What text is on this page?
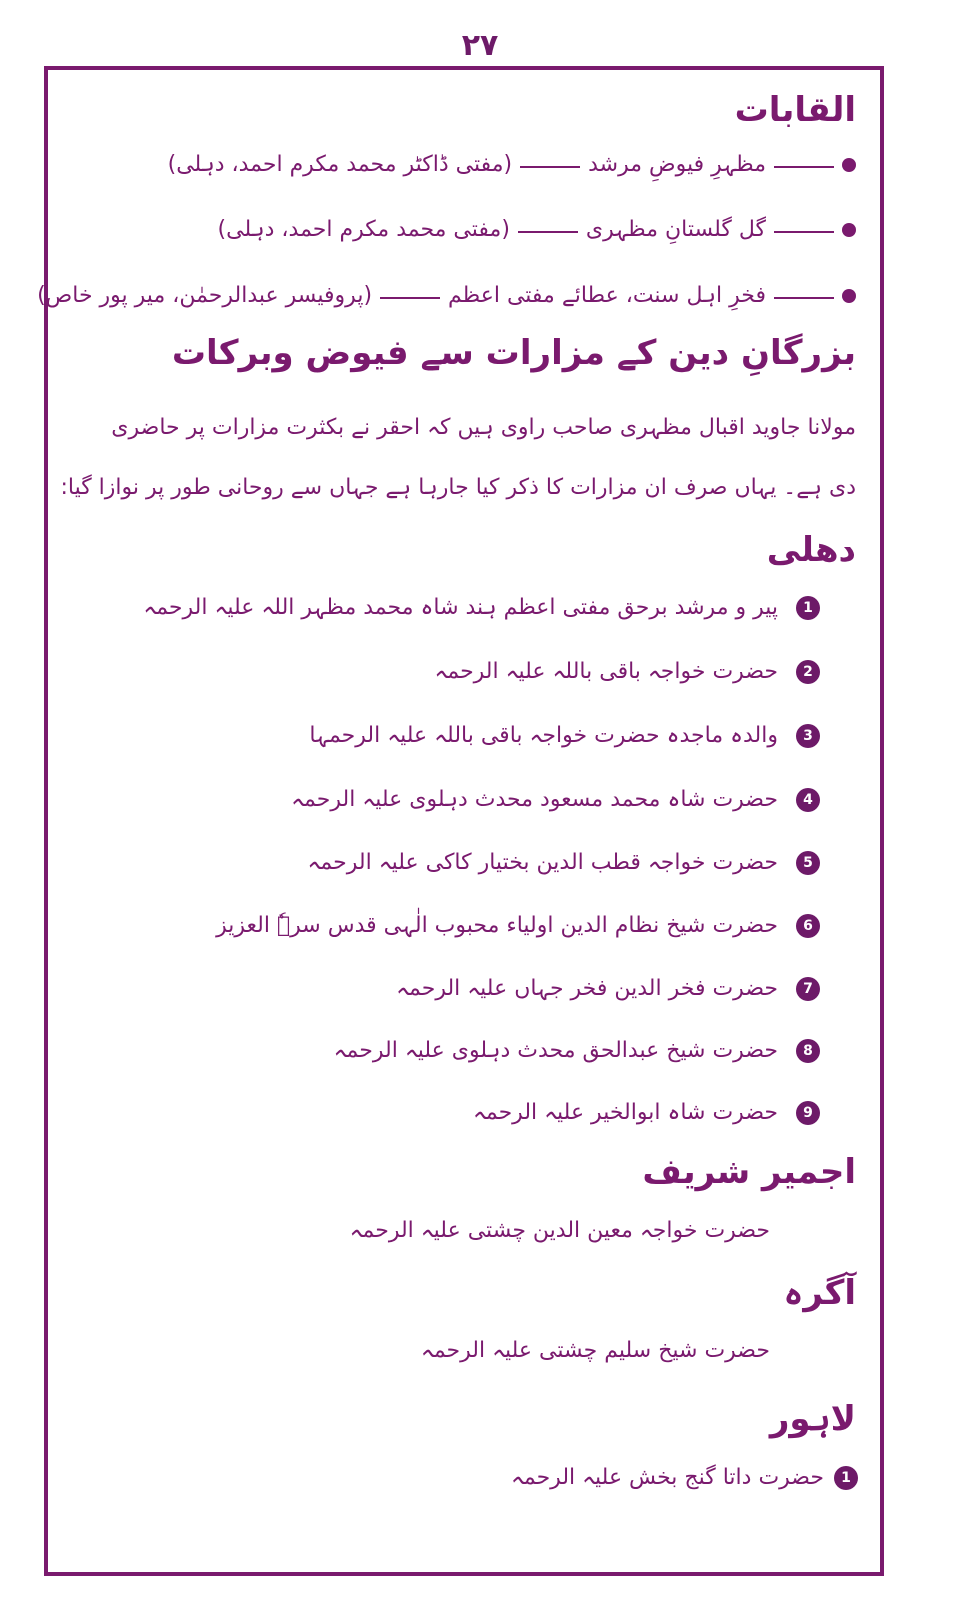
۲۷
القابات
مظہرِ فیوضِ مرشد
(مفتی ڈاکٹر محمد مکرم احمد، دہلی)
گل گلستانِ مظہری
(مفتی محمد مکرم احمد، دہلی)
فخرِ اہل سنت، عطائے مفتی اعظم
(پروفیسر عبدالرحمٰن، میر پور خاص)
بزرگانِ دین کے مزارات سے فیوض وبرکات
مولانا جاوید اقبال مظہری صاحب راوی ہیں کہ احقر نے بکثرت مزارات پر حاضری
دی ہے۔ یہاں صرف ان مزارات کا ذکر کیا جارہا ہے جہاں سے روحانی طور پر نوازا گیا:
دھلی
1
پیر و مرشد برحق مفتی اعظم ہند شاہ محمد مظہر اللہ علیہ الرحمہ
2
حضرت خواجہ باقی باللہ علیہ الرحمہ
3
والدہ ماجدہ حضرت خواجہ باقی باللہ علیہ الرحمہا
4
حضرت شاہ محمد مسعود محدث دہلوی علیہ الرحمہ
5
حضرت خواجہ قطب الدین بختیار کاکی علیہ الرحمہ
6
حضرت شیخ نظام الدین اولیاء محبوب الٰہی قدس سرہٗ العزیز
7
حضرت فخر الدین فخر جہاں علیہ الرحمہ
8
حضرت شیخ عبدالحق محدث دہلوی علیہ الرحمہ
9
حضرت شاہ ابوالخیر علیہ الرحمہ
اجمیر شریف
حضرت خواجہ معین الدین چشتی علیہ الرحمہ
آگرہ
حضرت شیخ سلیم چشتی علیہ الرحمہ
لاہور
1
حضرت داتا گنج بخش علیہ الرحمہ
